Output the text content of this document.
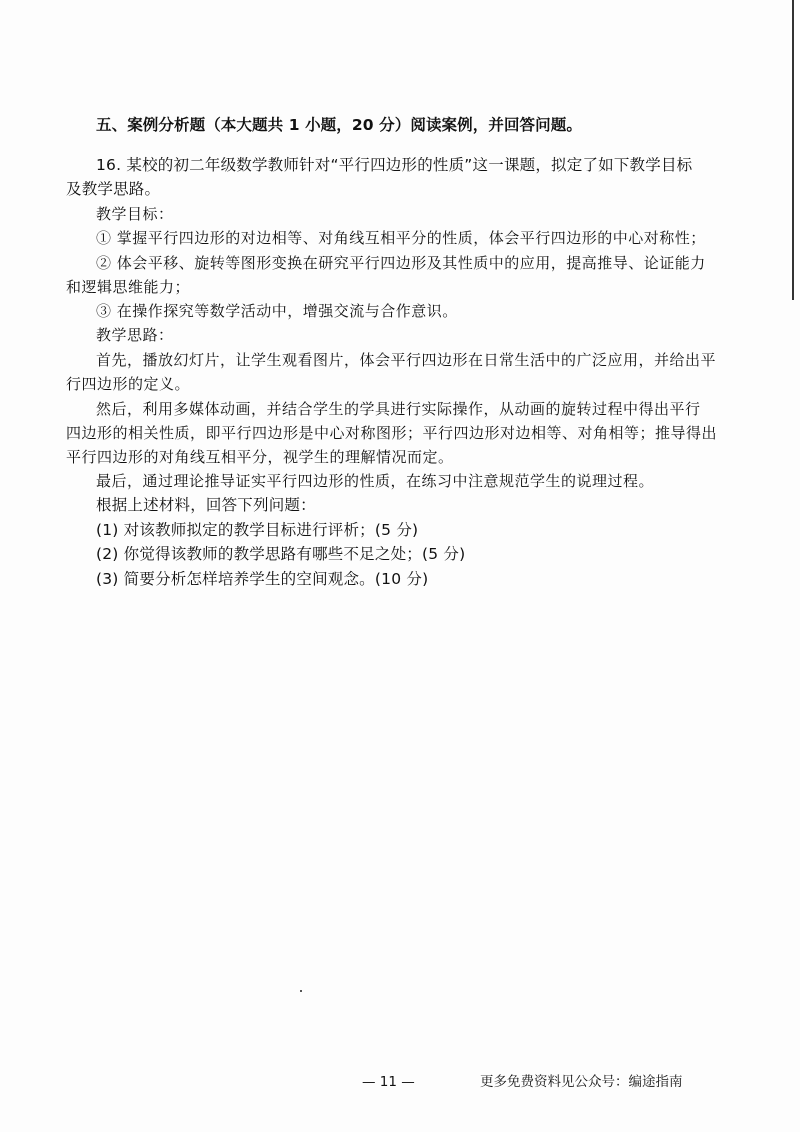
五、案例分析题（本大题共 1 小题，20 分）阅读案例，并回答问题。
16. 某校的初二年级数学教师针对“平行四边形的性质”这一课题，拟定了如下教学目标
及教学思路。
教学目标：
① 掌握平行四边形的对边相等、对角线互相平分的性质，体会平行四边形的中心对称性；
② 体会平移、旋转等图形变换在研究平行四边形及其性质中的应用，提高推导、论证能力
和逻辑思维能力；
③ 在操作探究等数学活动中，增强交流与合作意识。
教学思路：
首先，播放幻灯片，让学生观看图片，体会平行四边形在日常生活中的广泛应用，并给出平
行四边形的定义。
然后，利用多媒体动画，并结合学生的学具进行实际操作，从动画的旋转过程中得出平行
四边形的相关性质，即平行四边形是中心对称图形；平行四边形对边相等、对角相等；推导得出
平行四边形的对角线互相平分，视学生的理解情况而定。
最后，通过理论推导证实平行四边形的性质，在练习中注意规范学生的说理过程。
根据上述材料，回答下列问题：
(1) 对该教师拟定的教学目标进行评析；(5 分)
(2) 你觉得该教师的教学思路有哪些不足之处；(5 分)
(3) 简要分析怎样培养学生的空间观念。(10 分)
— 11 —	更多免费资料见公众号：编途指南
